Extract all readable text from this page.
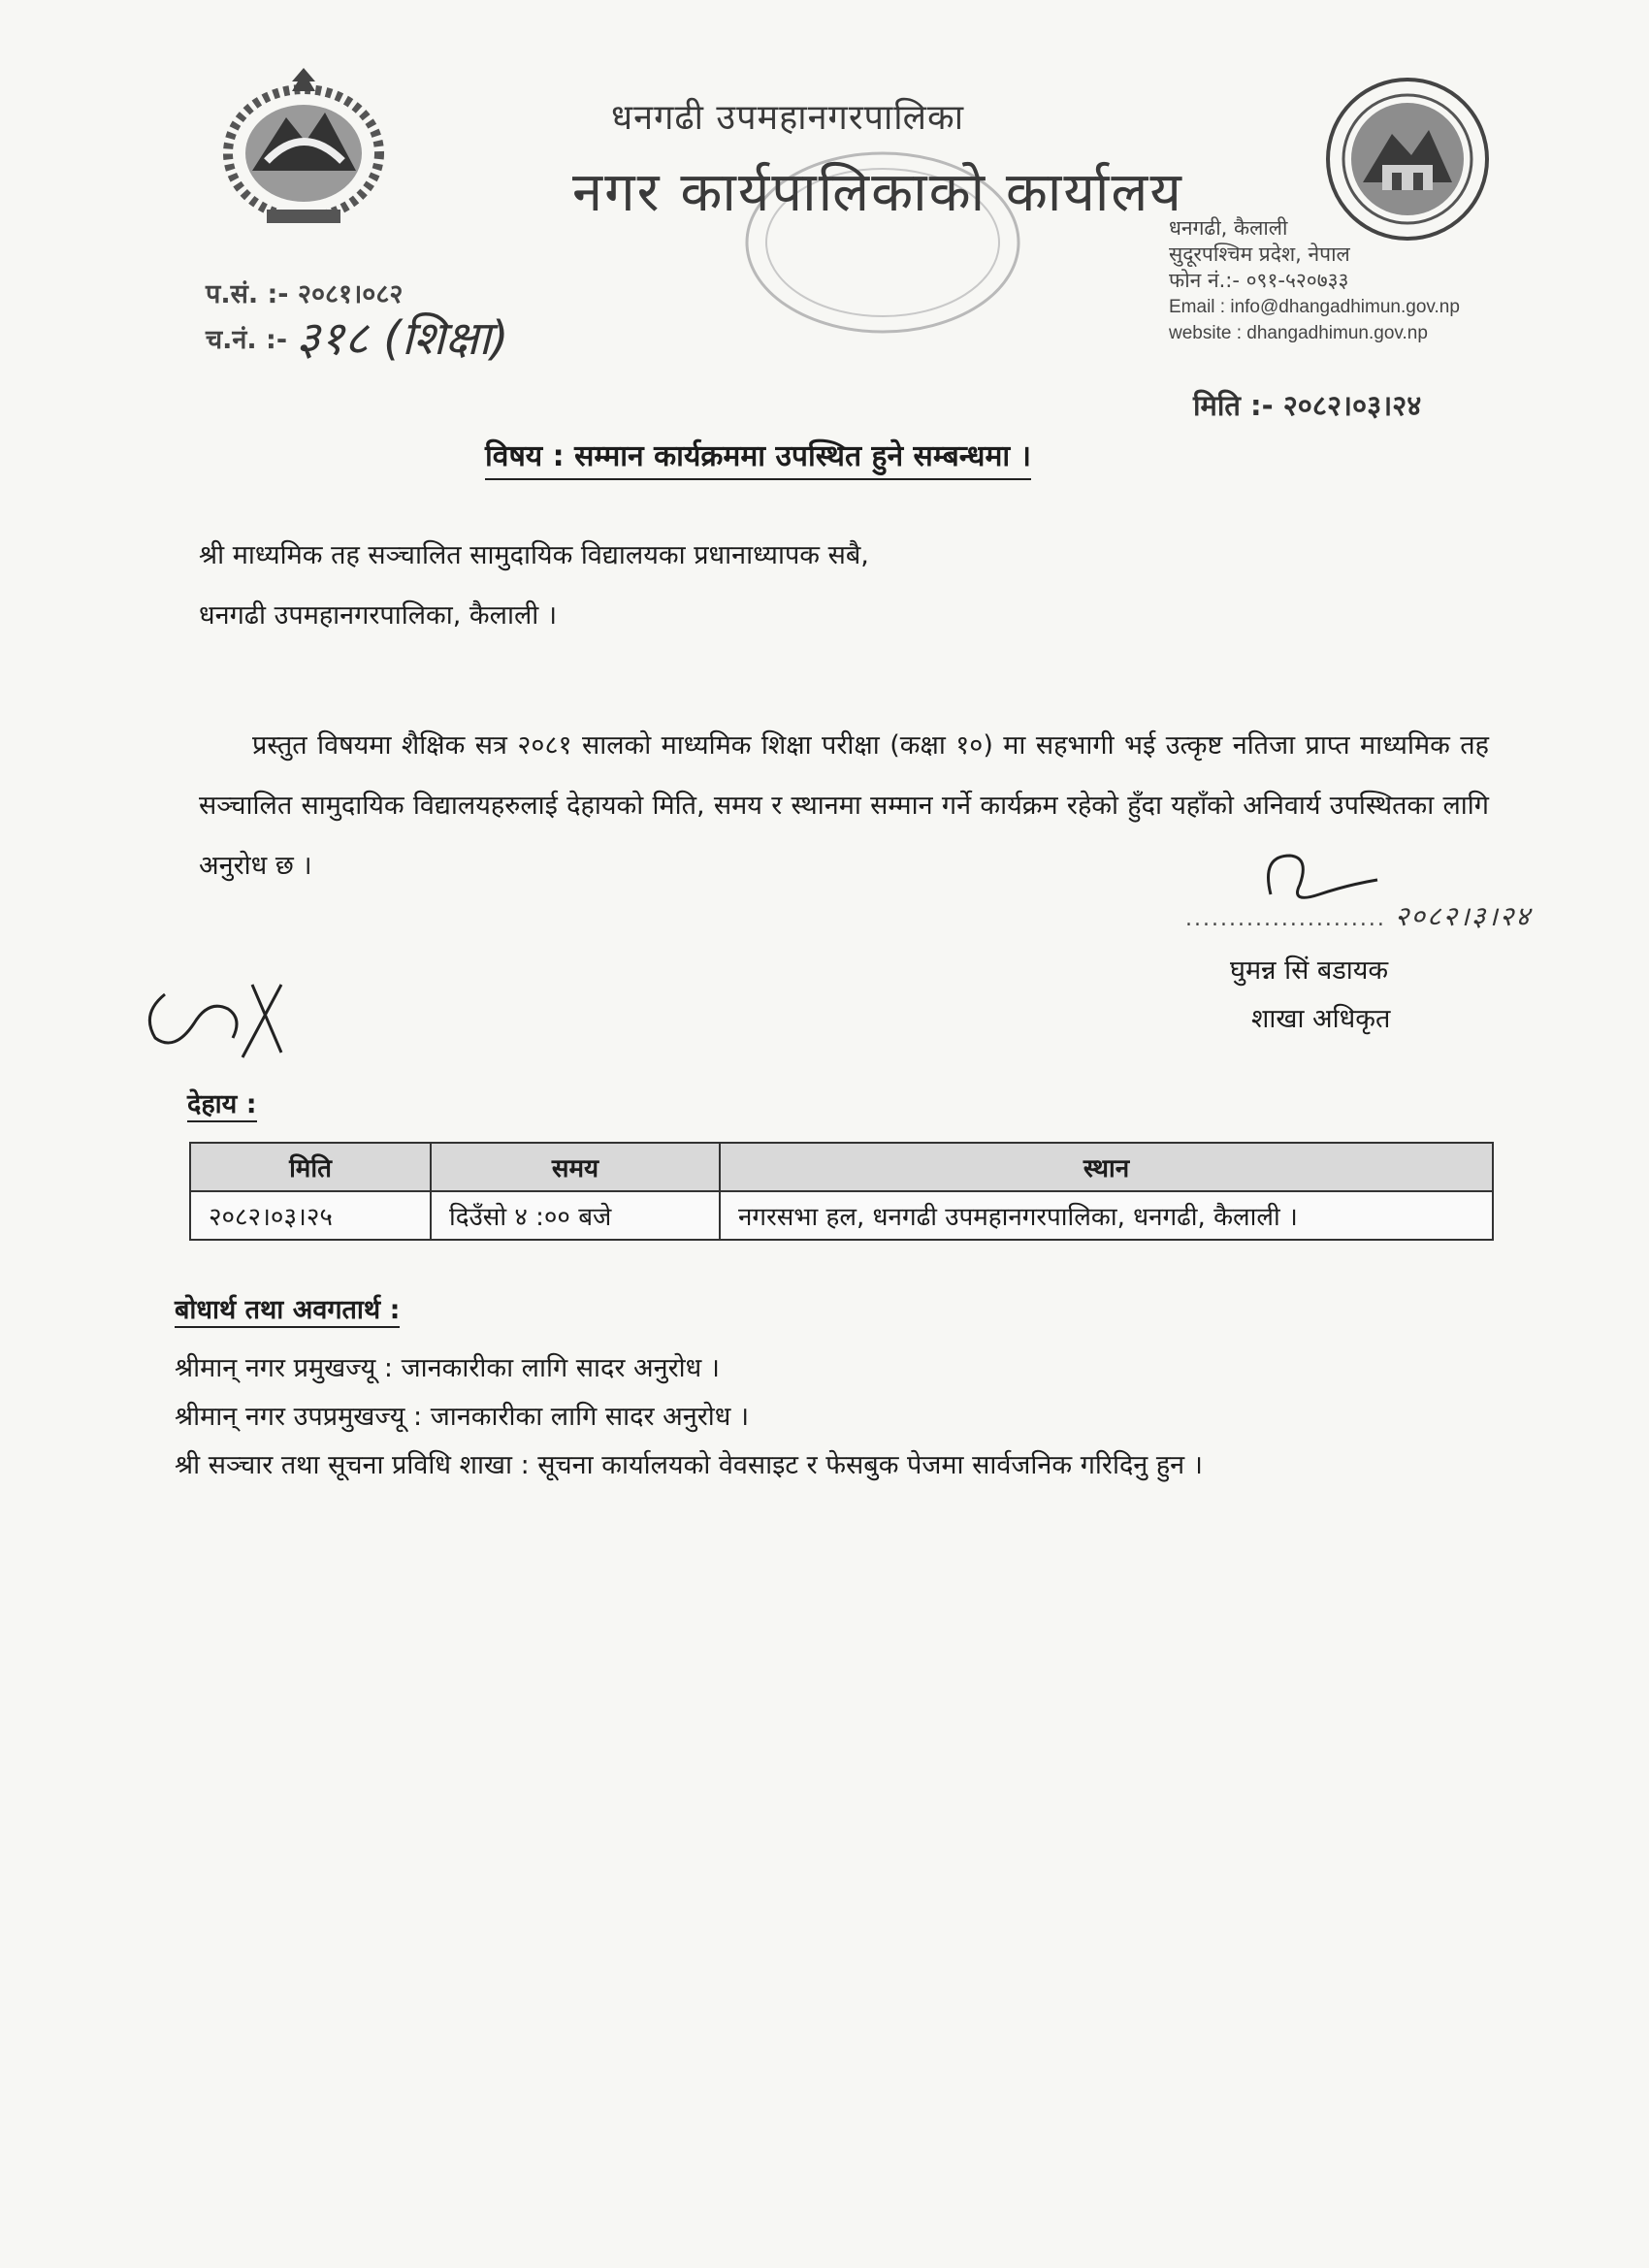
धनगढी उपमहानगरपालिका
नगर कार्यपालिकाको कार्यालय
धनगढी, कैलाली
सुदूरपश्चिम प्रदेश, नेपाल
फोन नं.:- ०९१-५२०७३३
Email : info@dhangadhimun.gov.np
website : dhangadhimun.gov.np
प.सं. :- २०८१।०८२
च.नं. :- ३१८ (शिक्षा)
मिति :- २०८२।०३।२४
विषय : सम्मान कार्यक्रममा उपस्थित हुने सम्बन्धमा ।
श्री माध्यमिक तह सञ्चालित सामुदायिक विद्यालयका प्रधानाध्यापक सबै,
धनगढी उपमहानगरपालिका, कैलाली ।
प्रस्तुत विषयमा शैक्षिक सत्र २०८१ सालको माध्यमिक शिक्षा परीक्षा (कक्षा १०) मा सहभागी भई उत्कृष्ट नतिजा प्राप्त माध्यमिक तह सञ्चालित सामुदायिक विद्यालयहरुलाई देहायको मिति, समय र स्थानमा सम्मान गर्ने कार्यक्रम रहेको हुँदा यहाँको अनिवार्य उपस्थितका लागि अनुरोध छ ।
....................... २०८२।३।२४
घुमन्न सिं बडायक
शाखा अधिकृत
देहाय :
मिति	समय	स्थान
२०८२।०३।२५	दिउँसो ४ :०० बजे	नगरसभा हल, धनगढी उपमहानगरपालिका, धनगढी, कैलाली ।
बोधार्थ तथा अवगतार्थ :
श्रीमान् नगर प्रमुखज्यू : जानकारीका लागि सादर अनुरोध ।
श्रीमान् नगर उपप्रमुखज्यू : जानकारीका लागि सादर अनुरोध ।
श्री सञ्चार तथा सूचना प्रविधि शाखा : सूचना कार्यालयको वेवसाइट र फेसबुक पेजमा सार्वजनिक गरिदिनु हुन ।
